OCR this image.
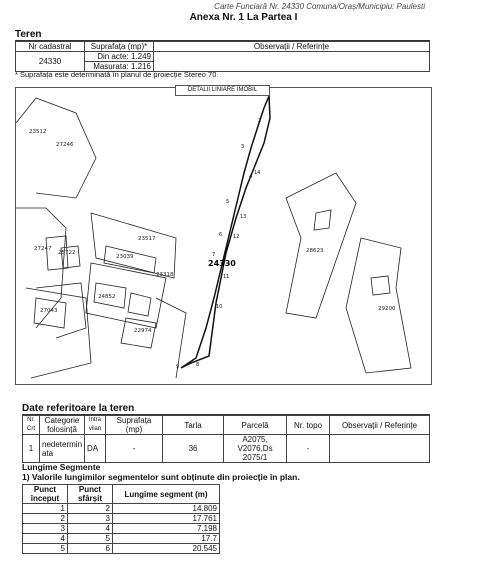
Carte Funciară Nr. 24330 Comuna/Oraș/Municipiu: Paulesti
Anexa Nr. 1 La Partea I
Teren
Nr cadastral	Suprafața (mp)*	Observații / Referințe
24330	Din acte: 1.249
Masurata: 1.216	

* Suprafața este determinată în planul de proiecție Stereo 70.
23512
27246
27247
25722
23517
23039
23318
24852
27043
22974
28623
29200
2
3
4
5
6
7
8
9
10
11
12
13
14
24330
DETALII LINIARE IMOBIL
Date referitoare la teren
Nr. Crt	Categorie folosință	Intra vilan	Suprafața (mp)	Tarla	Parcelă	Nr. topo	Observații / Referințe
1	nedetermin ata	DA	-	36	A2075, V2076,Ds 2075/1	-	
Lungime Segmente
1) Valorile lungimilor segmentelor sunt obținute din proiecție în plan.
Punct început	Punct sfârșit	Lungime segment (m)
1	2	14.809
2	3	17.761
3	4	7.198
4	5	17.7
5	6	20.545
